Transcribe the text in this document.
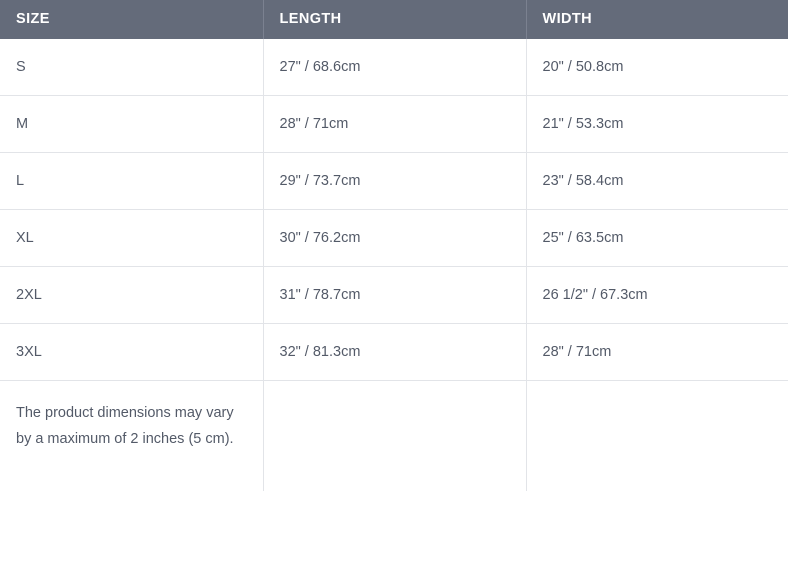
SIZE	LENGTH	WIDTH
S	27" / 68.6cm	20" / 50.8cm
M	28" / 71cm	21" / 53.3cm
L	29" / 73.7cm	23" / 58.4cm
XL	30" / 76.2cm	25" / 63.5cm
2XL	31" / 78.7cm	26 1/2" / 67.3cm
3XL	32" / 81.3cm	28" / 71cm
The product dimensions may vary by a maximum of 2 inches (5 cm).		
